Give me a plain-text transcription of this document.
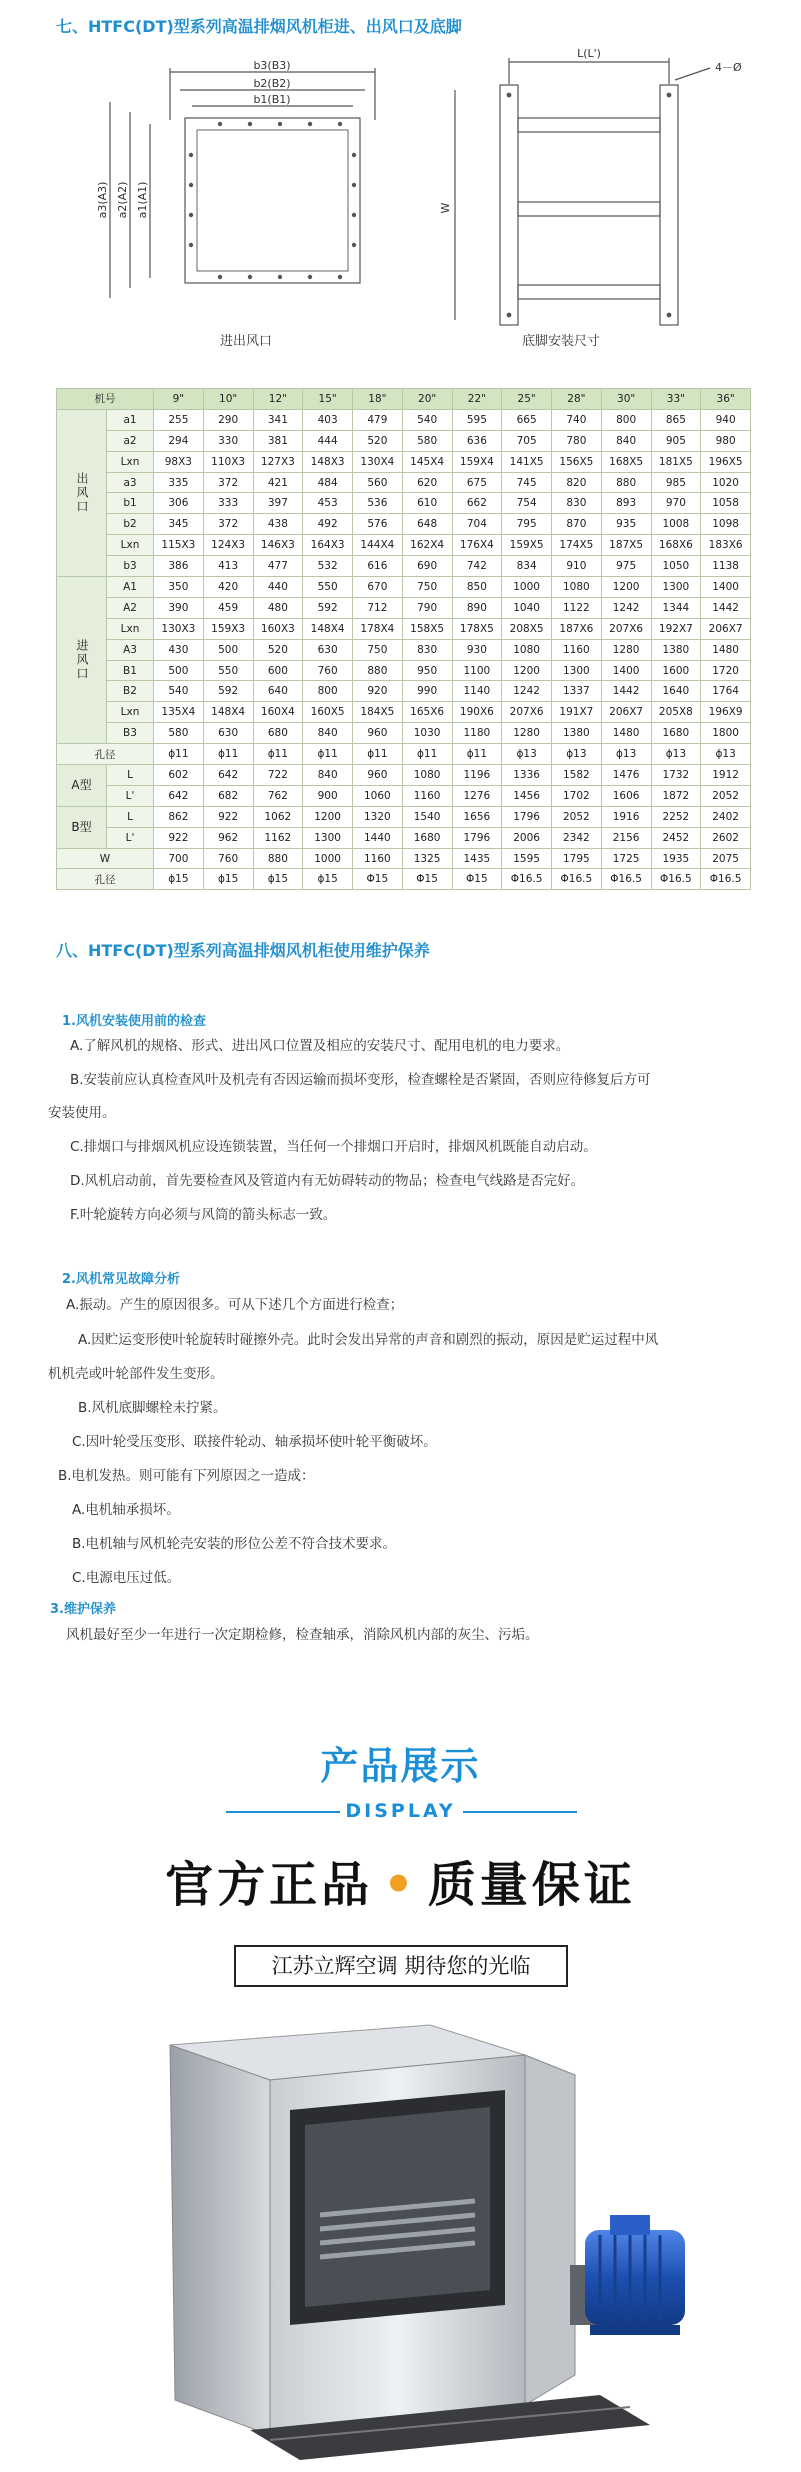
七、HTFC(DT)型系列高温排烟风机柜进、出风口及底脚
b3(B3)
b2(B2)
b1(B1)
a3(A3) a2(A2) a1(A1)
L(L')
W
4－Ø
进出风口	底脚安装尺寸
机号		9"	10"	12"	15"	18"	20"	22"	25"	28"	30"	33"	36"
出风口	a1	255	290	341	403	479	540	595	665	740	800	865	940
	a2	294	330	381	444	520	580	636	705	780	840	905	980
	Lxn	98X3	110X3	127X3	148X3	130X4	145X4	159X4	141X5	156X5	168X5	181X5	196X5
	a3	335	372	421	484	560	620	675	745	820	880	985	1020
	b1	306	333	397	453	536	610	662	754	830	893	970	1058
	b2	345	372	438	492	576	648	704	795	870	935	1008	1098
	Lxn	115X3	124X3	146X3	164X3	144X4	162X4	176X4	159X5	174X5	187X5	168X6	183X6
	b3	386	413	477	532	616	690	742	834	910	975	1050	1138
进风口	A1	350	420	440	550	670	750	850	1000	1080	1200	1300	1400
	A2	390	459	480	592	712	790	890	1040	1122	1242	1344	1442
	Lxn	130X3	159X3	160X3	148X4	178X4	158X5	178X5	208X5	187X6	207X6	192X7	206X7
	A3	430	500	520	630	750	830	930	1080	1160	1280	1380	1480
	B1	500	550	600	760	880	950	1100	1200	1300	1400	1600	1720
	B2	540	592	640	800	920	990	1140	1242	1337	1442	1640	1764
	Lxn	135X4	148X4	160X4	160X5	184X5	165X6	190X6	207X6	191X7	206X7	205X8	196X9
	B3	580	630	680	840	960	1030	1180	1280	1380	1480	1680	1800
孔径		ϕ11	ϕ11	ϕ11	ϕ11	ϕ11	ϕ11	ϕ11	ϕ13	ϕ13	ϕ13	ϕ13	ϕ13
A型	L	602	642	722	840	960	1080	1196	1336	1582	1476	1732	1912
	L'	642	682	762	900	1060	1160	1276	1456	1702	1606	1872	2052
B型	L	862	922	1062	1200	1320	1540	1656	1796	2052	1916	2252	2402
	L'	922	962	1162	1300	1440	1680	1796	2006	2342	2156	2452	2602
W		700	760	880	1000	1160	1325	1435	1595	1795	1725	1935	2075
孔径		ϕ15	ϕ15	ϕ15	ϕ15	Φ15	Φ15	Φ15	Φ16.5	Φ16.5	Φ16.5	Φ16.5	Φ16.5
八、HTFC(DT)型系列高温排烟风机柜使用维护保养
1.风机安装使用前的检查
A.了解风机的规格、形式、进出风口位置及相应的安装尺寸、配用电机的电力要求。
B.安装前应认真检查风叶及机壳有否因运输而损坏变形，检查螺栓是否紧固，否则应待修复后方可
安装使用。
C.排烟口与排烟风机应设连锁装置，当任何一个排烟口开启时，排烟风机既能自动启动。
D.风机启动前，首先要检查风及管道内有无妨碍转动的物品；检查电气线路是否完好。
F.叶轮旋转方向必须与风筒的箭头标志一致。
2.风机常见故障分析
A.振动。产生的原因很多。可从下述几个方面进行检查；
A.因贮运变形使叶轮旋转时碰擦外壳。此时会发出异常的声音和剧烈的振动，原因是贮运过程中风
机机壳或叶轮部件发生变形。
B.风机底脚螺栓未拧紧。
C.因叶轮受压变形、联接件轮动、轴承损坏使叶轮平衡破坏。
B.电机发热。则可能有下列原因之一造成：
A.电机轴承损坏。
B.电机轴与风机轮壳安装的形位公差不符合技术要求。
C.电源电压过低。
3.维护保养
风机最好至少一年进行一次定期检修，检查轴承，消除风机内部的灰尘、污垢。
产品展示
DISPLAY
官方正品 • 质量保证
江苏立辉空调 期待您的光临
